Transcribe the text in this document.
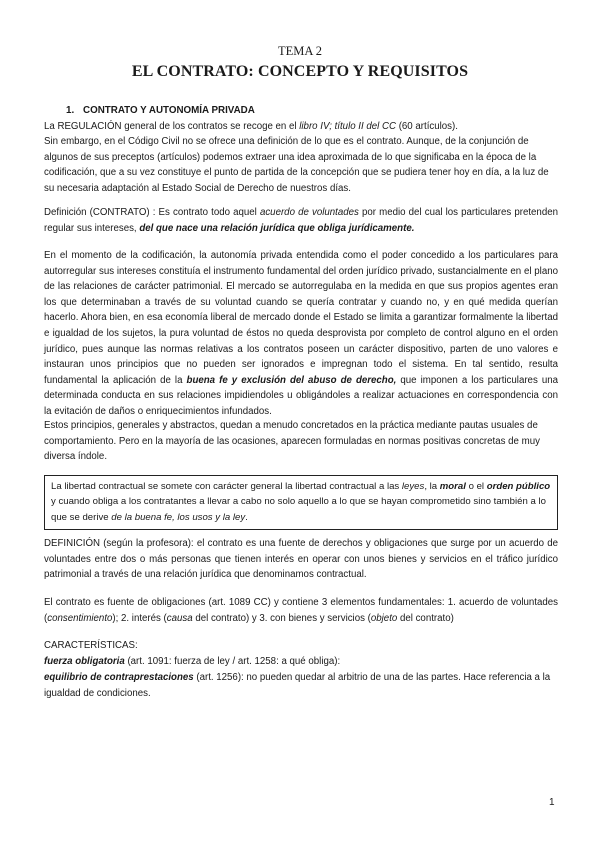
TEMA 2
EL CONTRATO: CONCEPTO Y REQUISITOS
1. CONTRATO Y AUTONOMÍA PRIVADA
La REGULACIÓN general de los contratos se recoge en el libro IV; título II del CC (60 artículos).
Sin embargo, en el Código Civil no se ofrece una definición de lo que es el contrato. Aunque, de la conjunción de algunos de sus preceptos (artículos) podemos extraer una idea aproximada de lo que significaba en la época de la codificación, que a su vez constituye el punto de partida de la concepción que se pudiera tener hoy en día, a la luz de su necesaria adaptación al Estado Social de Derecho de nuestros días.
Definición (CONTRATO) : Es contrato todo aquel acuerdo de voluntades por medio del cual los particulares pretenden regular sus intereses, del que nace una relación jurídica que obliga jurídicamente.
En el momento de la codificación, la autonomía privada entendida como el poder concedido a los particulares para autorregular sus intereses constituía el instrumento fundamental del orden jurídico privado, sustancialmente en el plano de las relaciones de carácter patrimonial. El mercado se autorregulaba en la medida en que sus propios agentes eran los que determinaban a través de su voluntad cuando se quería contratar y cuando no, y en qué medida querían hacerlo. Ahora bien, en esa economía liberal de mercado donde el Estado se limita a garantizar formalmente la libertad e igualdad de los sujetos, la pura voluntad de éstos no queda desprovista por completo de control alguno en el orden jurídico, pues aunque las normas relativas a los contratos poseen un carácter dispositivo, parten de uno valores e instauran unos principios que no pueden ser ignorados e impregnan todo el sistema. En tal sentido, resulta fundamental la aplicación de la buena fe y exclusión del abuso de derecho, que imponen a los particulares una determinada conducta en sus relaciones impidiendoles u obligándoles a realizar actuaciones en correspondencia con la evitación de daños o enriquecimientos infundados.
Estos principios, generales y abstractos, quedan a menudo concretados en la práctica mediante pautas usuales de comportamiento. Pero en la mayoría de las ocasiones, aparecen formuladas en normas positivas concretas de muy diversa índole.
La libertad contractual se somete con carácter general la libertad contractual a las leyes, la moral o el orden público y cuando obliga a los contratantes a llevar a cabo no solo aquello a lo que se hayan comprometido sino también a lo que se derive de la buena fe, los usos y la ley.
DEFINICIÓN (según la profesora): el contrato es una fuente de derechos y obligaciones que surge por un acuerdo de voluntades entre dos o más personas que tienen interés en operar con unos bienes y servicios en el tráfico jurídico patrimonial a través de una relación jurídica que denominamos contractual.
El contrato es fuente de obligaciones (art. 1089 CC) y contiene 3 elementos fundamentales: 1. acuerdo de voluntades (consentimiento); 2. interés (causa del contrato) y 3. con bienes y servicios (objeto del contrato)
CARACTERÍSTICAS:
fuerza obligatoria (art. 1091: fuerza de ley / art. 1258: a qué obliga):
equilibrio de contraprestaciones (art. 1256): no pueden quedar al arbitrio de una de las partes. Hace referencia a la igualdad de condiciones.
1
